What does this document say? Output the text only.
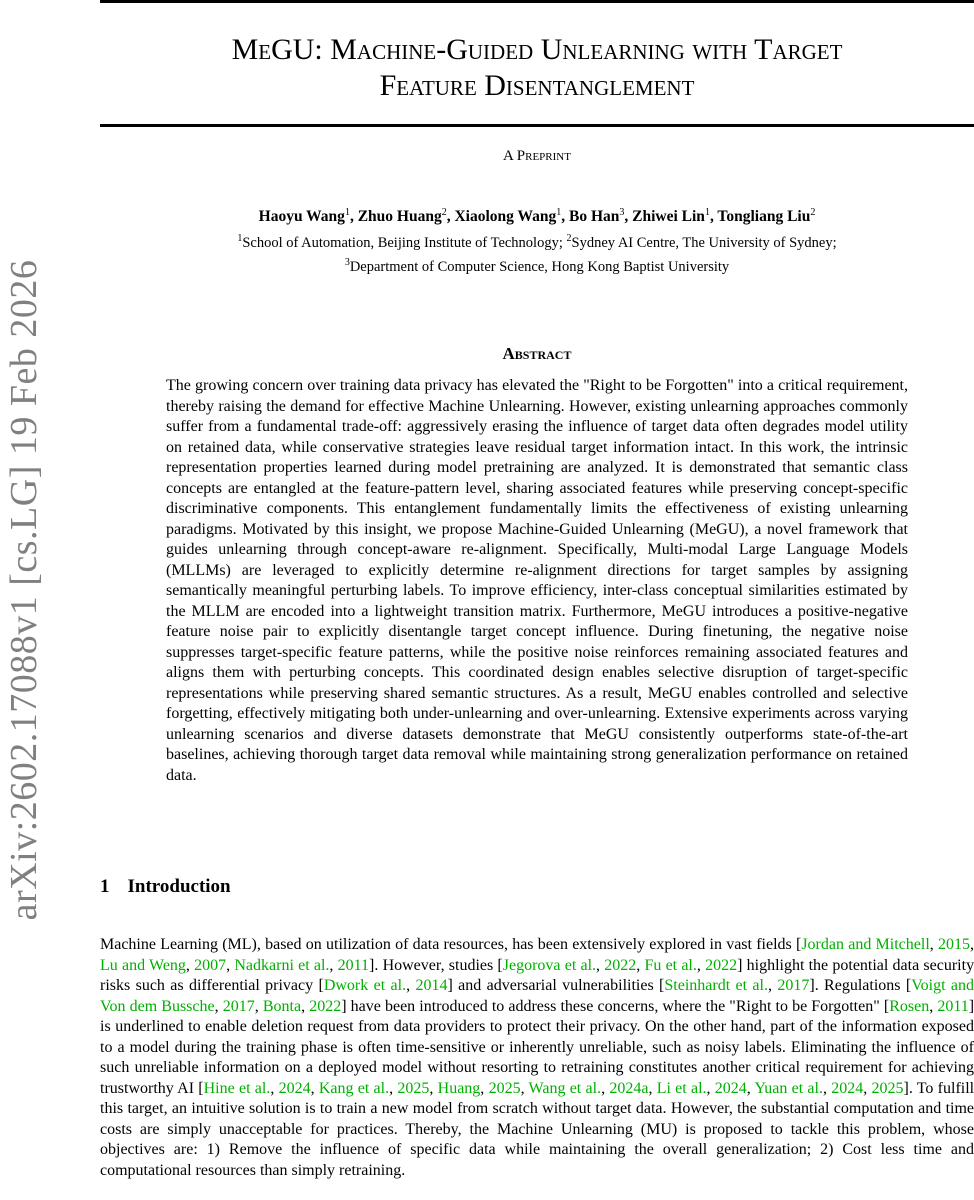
arXiv:2602.17088v1 [cs.LG] 19 Feb 2026
MeGU: Machine-Guided Unlearning with Target
Feature Disentanglement
A Preprint
Haoyu Wang$^1$, Zhuo Huang$^2$, Xiaolong Wang$^1$, Bo Han$^3$, Zhiwei Lin$^1$, Tongliang Liu$^2$
$^1$School of Automation, Beijing Institute of Technology; $^2$Sydney AI Centre, The University of Sydney;
$^3$Department of Computer Science, Hong Kong Baptist University
Abstract

The growing concern over training data privacy has elevated the "Right to be Forgotten" into a critical requirement, thereby raising the demand for effective Machine Unlearning. However, existing unlearning approaches commonly suffer from a fundamental trade-off: aggressively erasing the influence of target data often degrades model utility on retained data, while conservative strategies leave residual target information intact. In this work, the intrinsic representation properties learned during model pretraining are analyzed. It is demonstrated that semantic class concepts are entangled at the feature-pattern level, sharing associated features while preserving concept-specific discriminative components. This entanglement fundamentally limits the effectiveness of existing unlearning paradigms. Motivated by this insight, we propose Machine-Guided Unlearning (MeGU), a novel framework that guides unlearning through concept-aware re-alignment. Specifically, Multi-modal Large Language Models (MLLMs) are leveraged to explicitly determine re-alignment directions for target samples by assigning semantically meaningful perturbing labels. To improve efficiency, inter-class conceptual similarities estimated by the MLLM are encoded into a lightweight transition matrix. Furthermore, MeGU introduces a positive-negative feature noise pair to explicitly disentangle target concept influence. During finetuning, the negative noise suppresses target-specific feature patterns, while the positive noise reinforces remaining associated features and aligns them with perturbing concepts. This coordinated design enables selective disruption of target-specific representations while preserving shared semantic structures. As a result, MeGU enables controlled and selective forgetting, effectively mitigating both under-unlearning and over-unlearning. Extensive experiments across varying unlearning scenarios and diverse datasets demonstrate that MeGU consistently outperforms state-of-the-art baselines, achieving thorough target data removal while maintaining strong generalization performance on retained data.

1 Introduction

Machine Learning (ML), based on utilization of data resources, has been extensively explored in vast fields [Jordan and Mitchell, 2015, Lu and Weng, 2007, Nadkarni et al., 2011]. However, studies [Jegorova et al., 2022, Fu et al., 2022] highlight the potential data security risks such as differential privacy [Dwork et al., 2014] and adversarial vulnerabilities [Steinhardt et al., 2017]. Regulations [Voigt and Von dem Bussche, 2017, Bonta, 2022] have been introduced to address these concerns, where the "Right to be Forgotten" [Rosen, 2011] is underlined to enable deletion request from data providers to protect their privacy. On the other hand, part of the information exposed to a model during the training phase is often time-sensitive or inherently unreliable, such as noisy labels. Eliminating the influence of such unreliable information on a deployed model without resorting to retraining constitutes another critical requirement for achieving trustworthy AI [Hine et al., 2024, Kang et al., 2025, Huang, 2025, Wang et al., 2024a, Li et al., 2024, Yuan et al., 2024, 2025]. To fulfill this target, an intuitive solution is to train a new model from scratch without target data. However, the substantial computation and time costs are simply unacceptable for practices. Thereby, the Machine Unlearning (MU) is proposed to tackle this problem, whose objectives are: 1) Remove the influence of specific data while maintaining the overall generalization; 2) Cost less time and computational resources than simply retraining.
